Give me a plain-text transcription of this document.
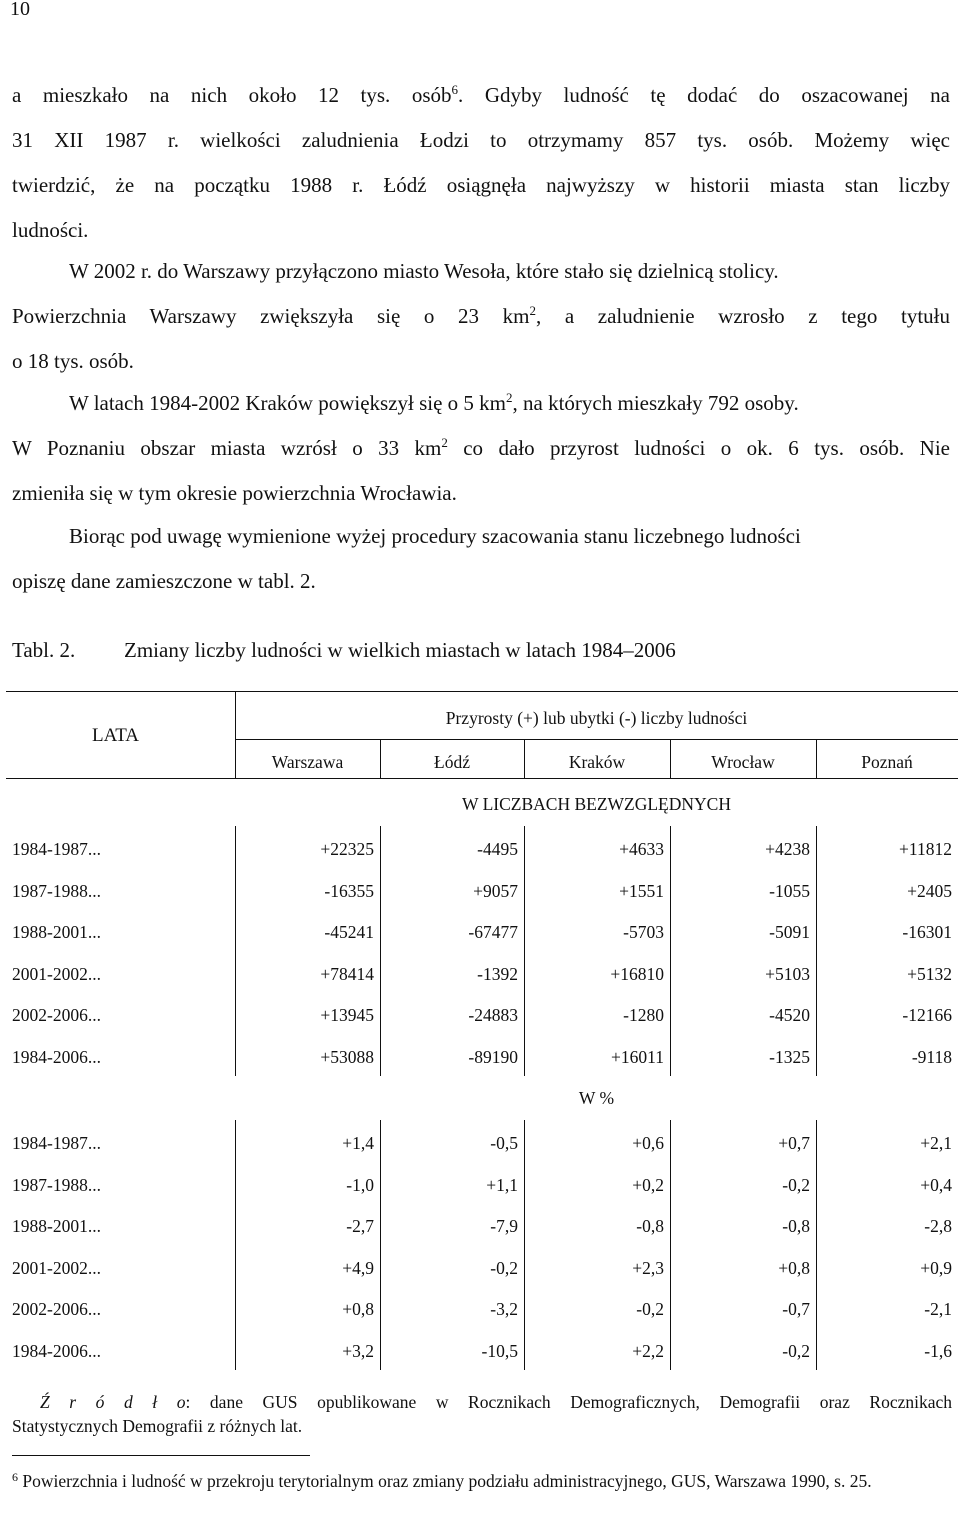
10
a mieszkało na nich około 12 tys. osób$^6$. Gdyby ludność tę dodać do oszacowanej na
31 XII 1987 r. wielkości zaludnienia Łodzi to otrzymamy 857 tys. osób. Możemy więc
twierdzić, że na początku 1988 r. Łódź osiągnęła najwyższy w historii miasta stan liczby
ludności.
W 2002 r. do Warszawy przyłączono miasto Wesoła, które stało się dzielnicą stolicy.
Powierzchnia Warszawy zwiększyła się o 23 $km^2$, a zaludnienie wzrosło z tego tytułu
o 18 tys. osób.
W latach 1984-2002 Kraków powiększył się o 5 $km^2$, na których mieszkały 792 osoby.
W Poznaniu obszar miasta wzrósł o 33 $km^2$ co dało przyrost ludności o ok. 6 tys. osób. Nie
zmieniła się w tym okresie powierzchnia Wrocławia.
Biorąc pod uwagę wymienione wyżej procedury szacowania stanu liczebnego ludności
opiszę dane zamieszczone w tabl. 2.
Tabl. 2. Zmiany liczby ludności w wielkich miastach w latach 1984–2006
LATA
Przyrosty (+) lub ubytki (-) liczby ludności
Warszawa	Łódź	Kraków	Wrocław	Poznań
W LICZBACH BEZWZGLĘDNYCH
1984-1987...	+22325	-4495	+4633	+4238	+11812
1987-1988...	-16355	+9057	+1551	-1055	+2405
1988-2001...	-45241	-67477	-5703	-5091	-16301
2001-2002...	+78414	-1392	+16810	+5103	+5132
2002-2006...	+13945	-24883	-1280	-4520	-12166
1984-2006...	+53088	-89190	+16011	-1325	-9118
W %
1984-1987...	+1,4	-0,5	+0,6	+0,7	+2,1
1987-1988...	-1,0	+1,1	+0,2	-0,2	+0,4
1988-2001...	-2,7	-7,9	-0,8	-0,8	-2,8
2001-2002...	+4,9	-0,2	+2,3	+0,8	+0,9
2002-2006...	+0,8	-3,2	-0,2	-0,7	-2,1
1984-2006...	+3,2	-10,5	+2,2	-0,2	-1,6
Ź r ó d ł o: dane GUS opublikowane w Rocznikach Demograficznych, Demografii oraz Rocznikach
Statystycznych Demografii z różnych lat.
$^6$ Powierzchnia i ludność w przekroju terytorialnym oraz zmiany podziału administracyjnego, GUS, Warszawa 1990, s. 25.
